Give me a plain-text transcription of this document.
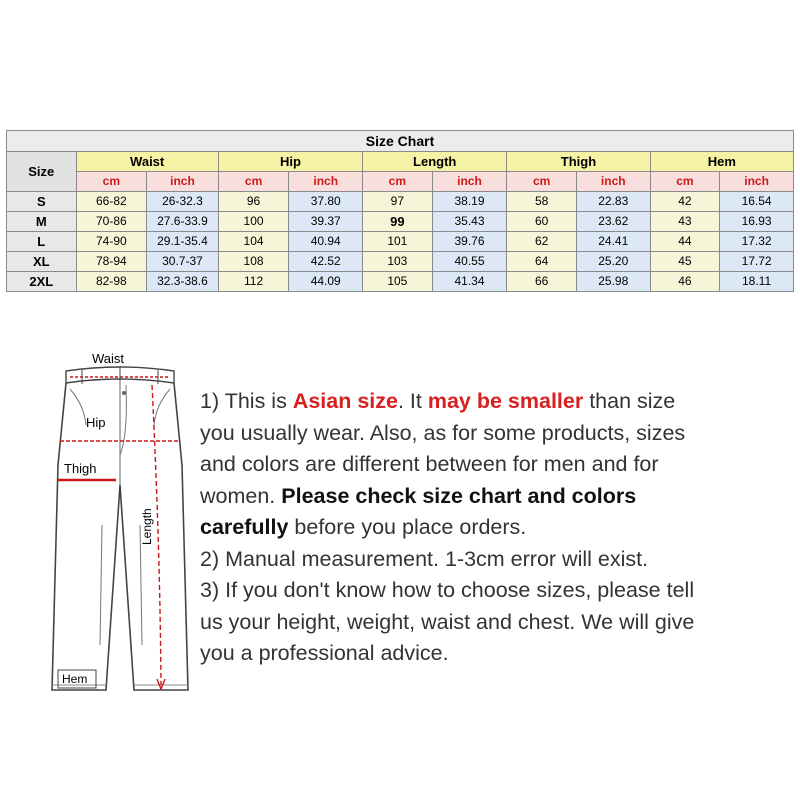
Size Chart										
Size	Waist		Hip		Length		Thigh		Hem	
	cm	inch	cm	inch	cm	inch	cm	inch	cm	inch
S	66-82	26-32.3	96	37.80	97	38.19	58	22.83	42	16.54
M	70-86	27.6-33.9	100	39.37	99	35.43	60	23.62	43	16.93
L	74-90	29.1-35.4	104	40.94	101	39.76	62	24.41	44	17.32
XL	78-94	30.7-37	108	42.52	103	40.55	64	25.20	45	17.72
2XL	82-98	32.3-38.6	112	44.09	105	41.34	66	25.98	46	18.11
Waist
Hip
Thigh
Length
Hem
1) This is Asian size. It may be smaller than size
you usually wear. Also, as for some products, sizes
and colors are different between for men and for
women. Please check size chart and colors
carefully before you place orders.
2) Manual measurement. 1-3cm error will exist.
3) If you don't know how to choose sizes, please tell
us your height, weight, waist and chest. We will give
you a professional advice.
